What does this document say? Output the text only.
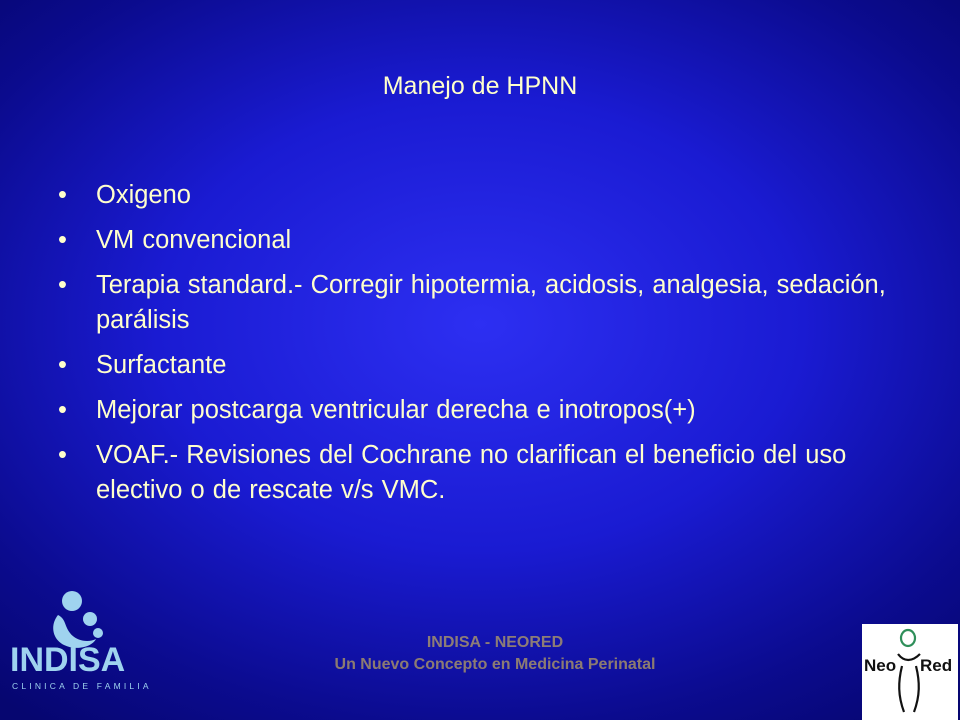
Manejo de HPNN
• Oxigeno
• VM convencional
• Terapia standard.- Corregir hipotermia, acidosis, analgesia, sedación, parálisis
• Surfactante
• Mejorar postcarga ventricular derecha e inotropos(+)
• VOAF.- Revisiones del Cochrane no clarifican el beneficio del uso electivo o de rescate v/s VMC.
INDISA
CLINICA DE FAMILIA
INDISA - NEORED
Un Nuevo Concepto en Medicina Perinatal	Neo Red
